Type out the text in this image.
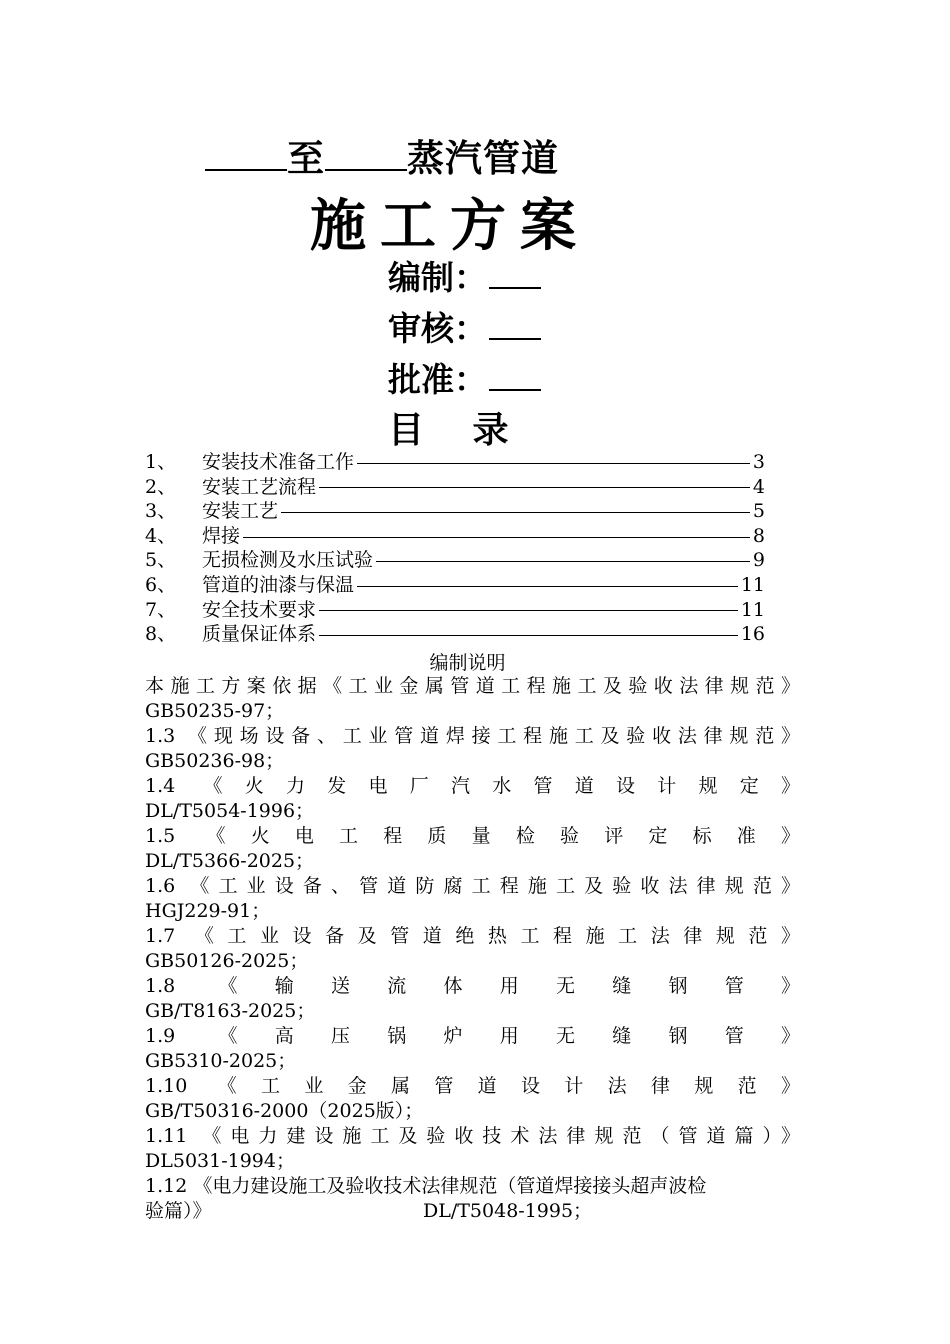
至 蒸汽管道
施工方案
编制：
审核：
批准：
目 录
1、	安装技术准备工作	3
2、	安装工艺流程	4
3、	安装工艺	5
4、	焊接	8
5、	无损检测及水压试验	9
6、	管道的油漆与保温	11
7、	安全技术要求	11
8、	质量保证体系	16
编制说明
本施工方案依据《工业金属管道工程施工及验收法律规范》
GB50235-97；
1.3 《现场设备、工业管道焊接工程施工及验收法律规范》
GB50236-98；
1.4 《火力发电厂汽水管道设计规定》
DL/T5054-1996；
1.5 《火电工程质量检验评定标准》
DL/T5366-2025；
1.6 《工业设备、管道防腐工程施工及验收法律规范》
HGJ229-91；
1.7 《工业设备及管道绝热工程施工法律规范》
GB50126-2025；
1.8 《输送流体用无缝钢管》
GB/T8163-2025；
1.9 《高压锅炉用无缝钢管》
GB5310-2025；
1.10 《工业金属管道设计法律规范》
GB/T50316-2000（2025版）；
1.11 《电力建设施工及验收技术法律规范（管道篇）》
DL5031-1994；
1.12 《电力建设施工及验收技术法律规范（管道焊接接头超声波检
验篇）》	DL/T5048-1995；
